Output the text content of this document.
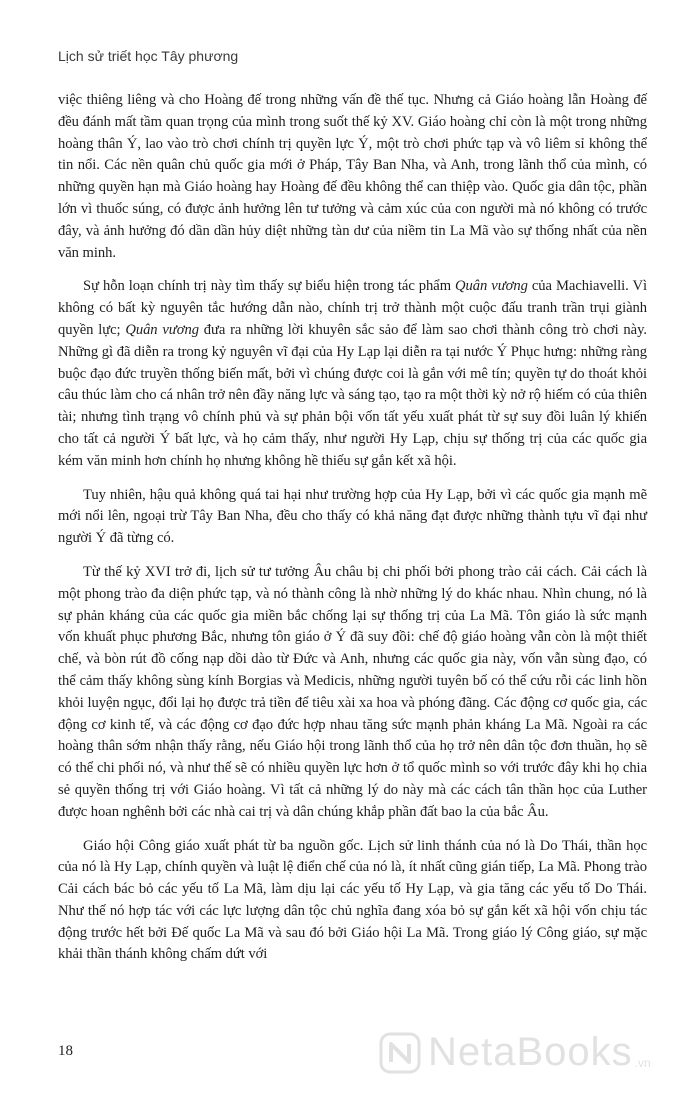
Lịch sử triết học Tây phương

việc thiêng liêng và cho Hoàng đế trong những vấn đề thế tục. Nhưng cả Giáo hoàng lẫn Hoàng đế đều đánh mất tầm quan trọng của mình trong suốt thế kỷ XV. Giáo hoàng chỉ còn là một trong những hoàng thân Ý, lao vào trò chơi chính trị quyền lực Ý, một trò chơi phức tạp và vô liêm sỉ không thể tin nổi. Các nền quân chủ quốc gia mới ở Pháp, Tây Ban Nha, và Anh, trong lãnh thổ của mình, có những quyền hạn mà Giáo hoàng hay Hoàng đế đều không thể can thiệp vào. Quốc gia dân tộc, phần lớn vì thuốc súng, có được ảnh hưởng lên tư tưởng và cảm xúc của con người mà nó không có trước đây, và ảnh hưởng đó dần dần hủy diệt những tàn dư của niềm tin La Mã vào sự thống nhất của nền văn minh.

Sự hỗn loạn chính trị này tìm thấy sự biểu hiện trong tác phẩm Quân vương của Machiavelli. Vì không có bất kỳ nguyên tắc hướng dẫn nào, chính trị trở thành một cuộc đấu tranh trần trụi giành quyền lực; Quân vương đưa ra những lời khuyên sắc sảo để làm sao chơi thành công trò chơi này. Những gì đã diễn ra trong kỷ nguyên vĩ đại của Hy Lạp lại diễn ra tại nước Ý Phục hưng: những ràng buộc đạo đức truyền thống biến mất, bởi vì chúng được coi là gắn với mê tín; quyền tự do thoát khỏi câu thúc làm cho cá nhân trở nên đầy năng lực và sáng tạo, tạo ra một thời kỳ nở rộ hiếm có của thiên tài; nhưng tình trạng vô chính phủ và sự phản bội vốn tất yếu xuất phát từ sự suy đồi luân lý khiến cho tất cả người Ý bất lực, và họ cảm thấy, như người Hy Lạp, chịu sự thống trị của các quốc gia kém văn minh hơn chính họ nhưng không hề thiếu sự gắn kết xã hội.

Tuy nhiên, hậu quả không quá tai hại như trường hợp của Hy Lạp, bởi vì các quốc gia mạnh mẽ mới nổi lên, ngoại trừ Tây Ban Nha, đều cho thấy có khả năng đạt được những thành tựu vĩ đại như người Ý đã từng có.

Từ thế kỷ XVI trở đi, lịch sử tư tưởng Âu châu bị chi phối bởi phong trào cải cách. Cải cách là một phong trào đa diện phức tạp, và nó thành công là nhờ những lý do khác nhau. Nhìn chung, nó là sự phản kháng của các quốc gia miền bắc chống lại sự thống trị của La Mã. Tôn giáo là sức mạnh vốn khuất phục phương Bắc, nhưng tôn giáo ở Ý đã suy đồi: chế độ giáo hoàng vẫn còn là một thiết chế, và bòn rút đồ cống nạp dồi dào từ Đức và Anh, nhưng các quốc gia này, vốn vẫn sùng đạo, có thể cảm thấy không sùng kính Borgias và Medicis, những người tuyên bố có thể cứu rỗi các linh hồn khỏi luyện ngục, đổi lại họ được trả tiền để tiêu xài xa hoa và phóng đãng. Các động cơ quốc gia, các động cơ kinh tế, và các động cơ đạo đức hợp nhau tăng sức mạnh phản kháng La Mã. Ngoài ra các hoàng thân sớm nhận thấy rằng, nếu Giáo hội trong lãnh thổ của họ trở nên dân tộc đơn thuần, họ sẽ có thể chi phối nó, và như thế sẽ có nhiều quyền lực hơn ở tổ quốc mình so với trước đây khi họ chia sẻ quyền thống trị với Giáo hoàng. Vì tất cả những lý do này mà các cách tân thần học của Luther được hoan nghênh bởi các nhà cai trị và dân chúng khắp phần đất bao la của bắc Âu.

Giáo hội Công giáo xuất phát từ ba nguồn gốc. Lịch sử linh thánh của nó là Do Thái, thần học của nó là Hy Lạp, chính quyền và luật lệ điển chế của nó là, ít nhất cũng gián tiếp, La Mã. Phong trào Cải cách bác bỏ các yếu tố La Mã, làm dịu lại các yếu tố Hy Lạp, và gia tăng các yếu tố Do Thái. Như thế nó hợp tác với các lực lượng dân tộc chủ nghĩa đang xóa bỏ sự gắn kết xã hội vốn chịu tác động trước hết bởi Đế quốc La Mã và sau đó bởi Giáo hội La Mã. Trong giáo lý Công giáo, sự mặc khải thần thánh không chấm dứt với

18	NetaBooks .vn
